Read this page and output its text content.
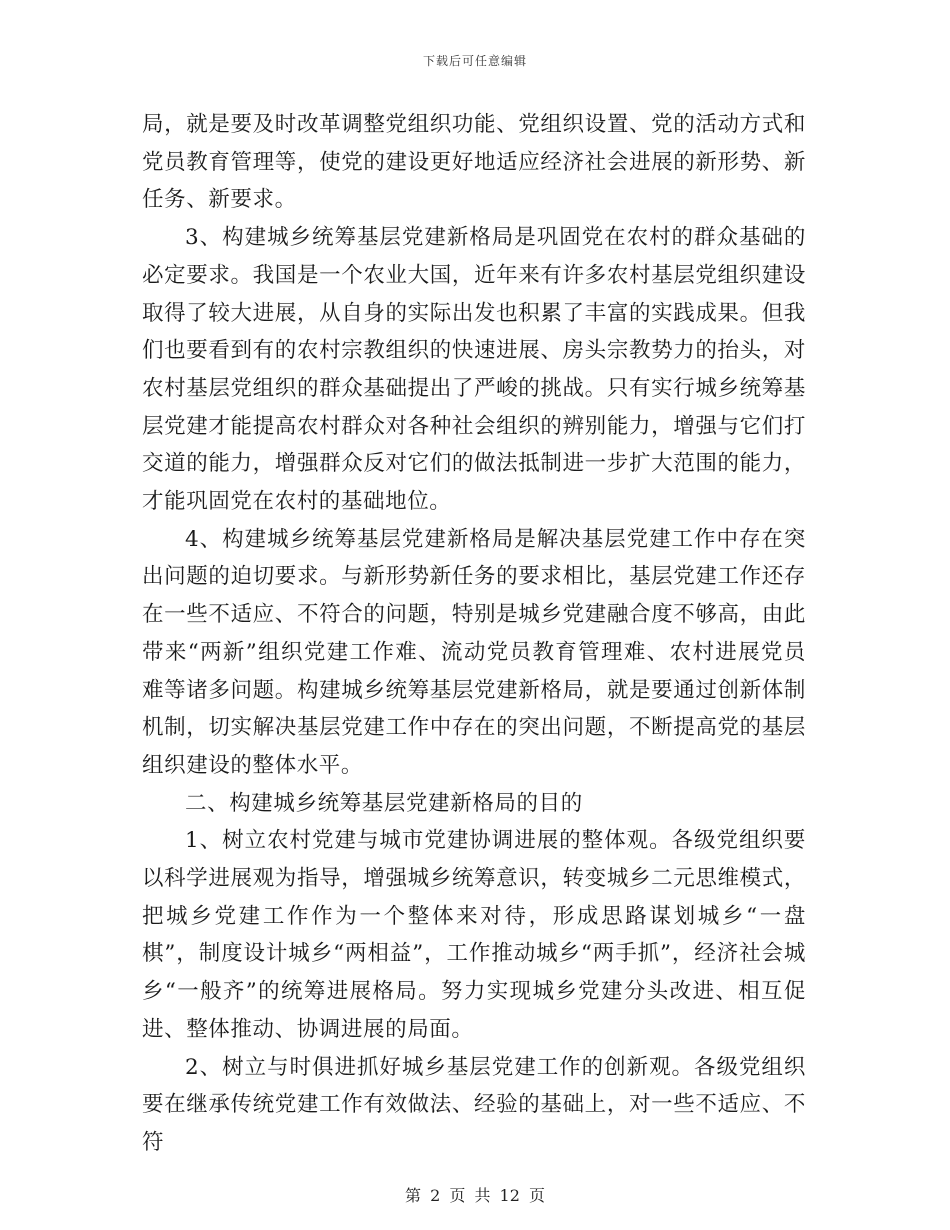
下载后可任意编辑

局，就是要及时改革调整党组织功能、党组织设置、党的活动方式和党员教育管理等，使党的建设更好地适应经济社会进展的新形势、新任务、新要求。

3、构建城乡统筹基层党建新格局是巩固党在农村的群众基础的必定要求。我国是一个农业大国，近年来有许多农村基层党组织建设取得了较大进展，从自身的实际出发也积累了丰富的实践成果。但我们也要看到有的农村宗教组织的快速进展、房头宗教势力的抬头，对农村基层党组织的群众基础提出了严峻的挑战。只有实行城乡统筹基层党建才能提高农村群众对各种社会组织的辨别能力，增强与它们打交道的能力，增强群众反对它们的做法抵制进一步扩大范围的能力，才能巩固党在农村的基础地位。

4、构建城乡统筹基层党建新格局是解决基层党建工作中存在突出问题的迫切要求。与新形势新任务的要求相比，基层党建工作还存在一些不适应、不符合的问题，特别是城乡党建融合度不够高，由此带来“两新”组织党建工作难、流动党员教育管理难、农村进展党员难等诸多问题。构建城乡统筹基层党建新格局，就是要通过创新体制机制，切实解决基层党建工作中存在的突出问题，不断提高党的基层组织建设的整体水平。

二、构建城乡统筹基层党建新格局的目的

1、树立农村党建与城市党建协调进展的整体观。各级党组织要以科学进展观为指导，增强城乡统筹意识，转变城乡二元思维模式，把城乡党建工作作为一个整体来对待，形成思路谋划城乡“一盘棋”，制度设计城乡“两相益”，工作推动城乡“两手抓”，经济社会城乡“一般齐”的统筹进展格局。努力实现城乡党建分头改进、相互促进、整体推动、协调进展的局面。

2、树立与时俱进抓好城乡基层党建工作的创新观。各级党组织要在继承传统党建工作有效做法、经验的基础上，对一些不适应、不符

第 2 页 共 12 页
